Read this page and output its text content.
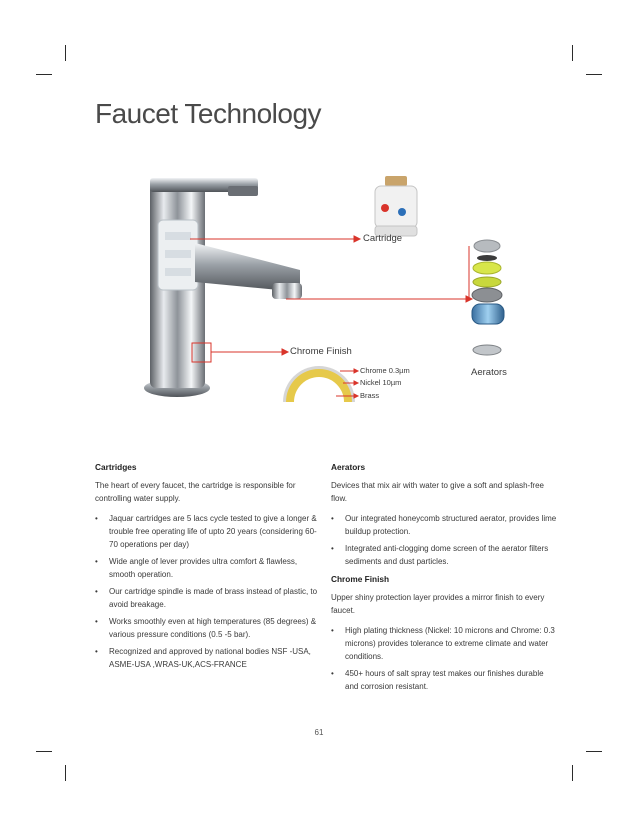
Faucet Technology
Cartridge
Chrome Finish
Aerators
Chrome 0.3µm
Nickel 10µm
Brass
Cartridges

The heart of every faucet, the cartridge is responsible for controlling water supply.

• Jaquar cartridges are 5 lacs cycle tested to give a longer & trouble free operating life of upto 20 years (considering 60-70 operations per day)
• Wide angle of lever provides ultra comfort & flawless, smooth operation.
• Our cartridge spindle is made of brass instead of plastic, to avoid breakage.
• Works smoothly even at high temperatures (85 degrees) & various pressure conditions (0.5 -5 bar).
• Recognized and approved by national bodies NSF -USA, ASME-USA ,WRAS-UK,ACS-FRANCE
Aerators

Devices that mix air with water to give a soft and splash-free flow.

• Our integrated honeycomb structured aerator, provides lime buildup protection.
• Integrated anti-clogging dome screen of the aerator filters sediments and dust particles.
Chrome Finish

Upper shiny protection layer provides a mirror finish to every faucet.

• High plating thickness (Nickel: 10 microns and Chrome: 0.3 microns) provides tolerance to extreme climate and water conditions.
• 450+ hours of salt spray test makes our finishes durable and corrosion resistant.
61
